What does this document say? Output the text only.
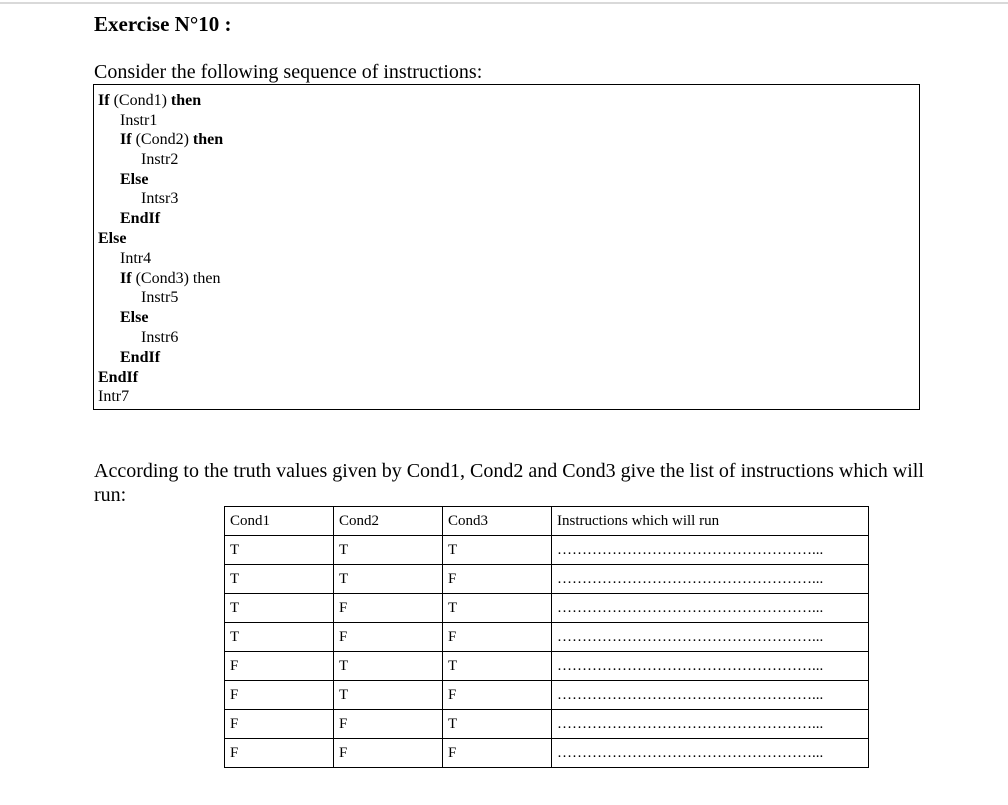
Exercise N°10 :
Consider the following sequence of instructions:
If (Cond1) then
Instr1
If (Cond2) then
Instr2
Else
Intsr3
EndIf
Else
Intr4
If (Cond3) then
Instr5
Else
Instr6
EndIf
EndIf
Intr7
According to the truth values given by Cond1, Cond2 and Cond3 give the list of instructions which will run:
Cond1	Cond2	Cond3	Instructions which will run
T	T	T	……………………………………………...
T	T	F	……………………………………………...
T	F	T	……………………………………………...
T	F	F	……………………………………………...
F	T	T	……………………………………………...
F	T	F	……………………………………………...
F	F	T	……………………………………………...
F	F	F	……………………………………………...
